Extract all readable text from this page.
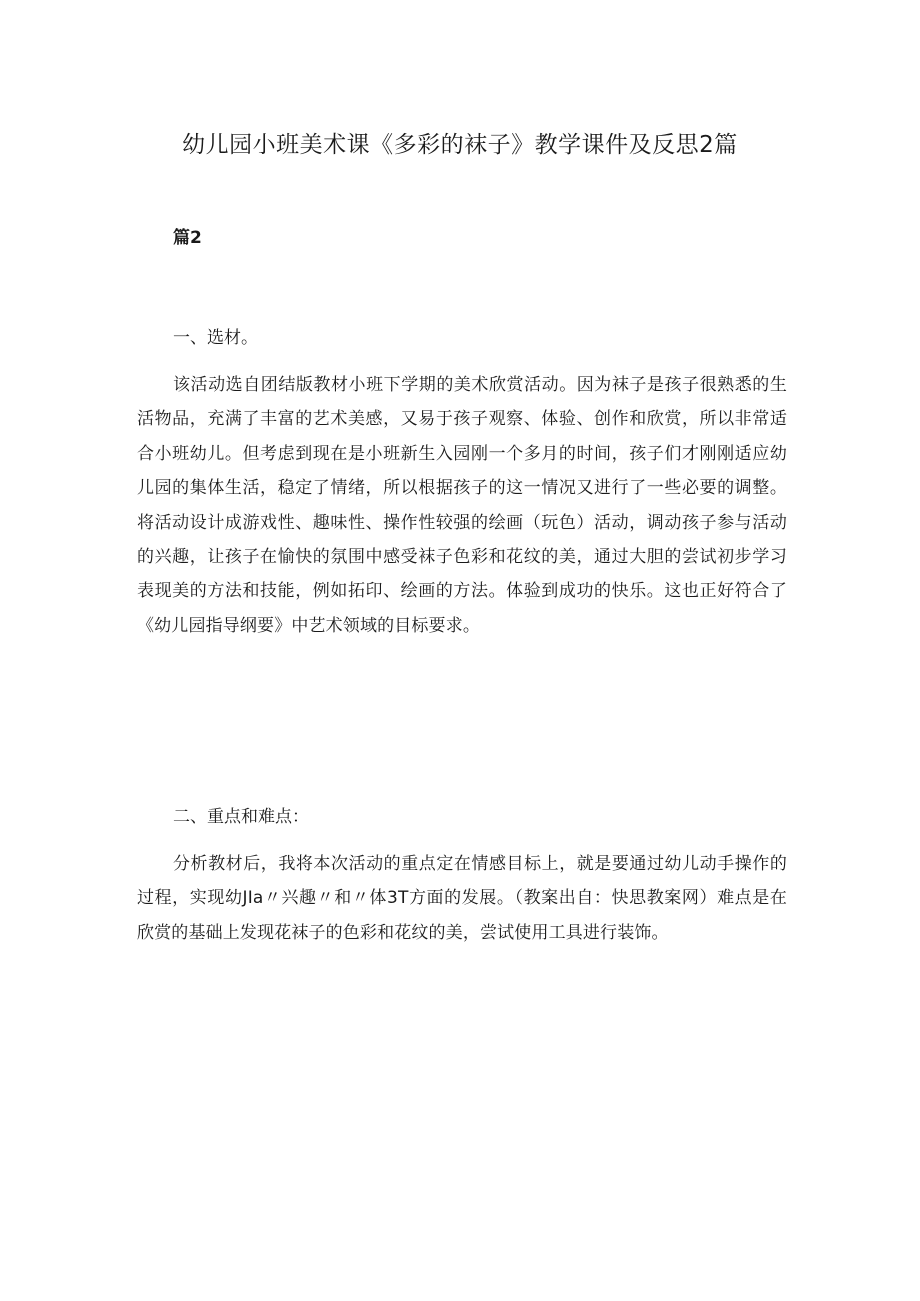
幼儿园小班美术课《多彩的袜子》教学课件及反思2篇
篇2
一、选材。

该活动选自团结版教材小班下学期的美术欣赏活动。因为袜子是孩子很熟悉的生活物品，充满了丰富的艺术美感，又易于孩子观察、体验、创作和欣赏，所以非常适合小班幼儿。但考虑到现在是小班新生入园刚一个多月的时间，孩子们才刚刚适应幼儿园的集体生活，稳定了情绪，所以根据孩子的这一情况又进行了一些必要的调整。将活动设计成游戏性、趣味性、操作性较强的绘画（玩色）活动，调动孩子参与活动的兴趣，让孩子在愉快的氛围中感受袜子色彩和花纹的美，通过大胆的尝试初步学习表现美的方法和技能，例如拓印、绘画的方法。体验到成功的快乐。这也正好符合了《幼儿园指导纲要》中艺术领域的目标要求。

二、重点和难点：

分析教材后，我将本次活动的重点定在情感目标上，就是要通过幼儿动手操作的过程，实现幼JIa〃兴趣〃和〃体3T方面的发展。（教案出自：快思教案网）难点是在欣赏的基础上发现花袜子的色彩和花纹的美，尝试使用工具进行装饰。
